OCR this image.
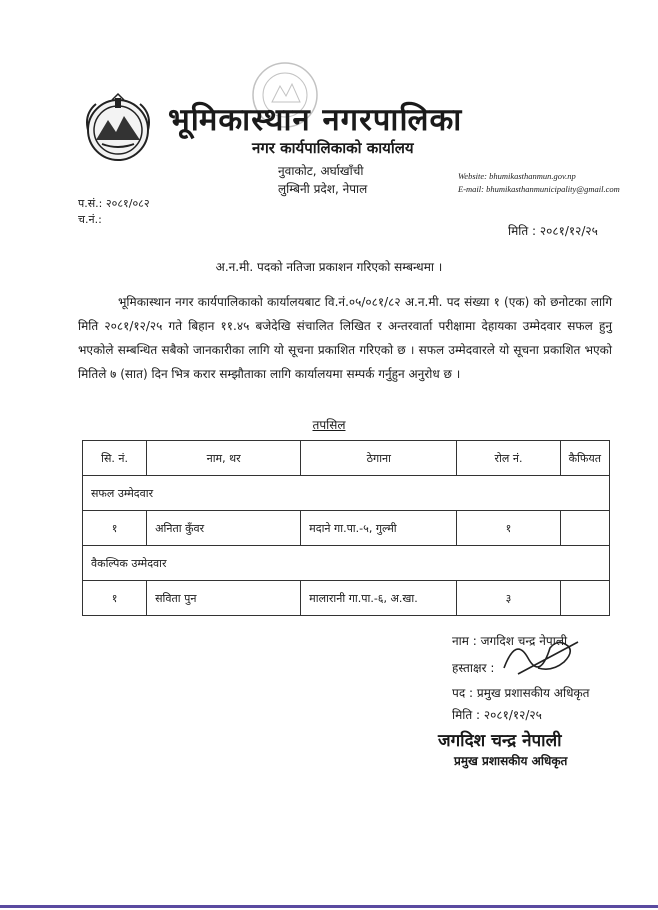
भूमिकास्थान नगरपालिका
नगर कार्यपालिकाको कार्यालय
नुवाकोट, अर्घाखाँची
लुम्बिनी प्रदेश, नेपाल
Website: bhumikasthanmun.gov.np
E-mail: bhumikasthanmunicipality@gmail.com
प.सं.: २०८१/०८२
च.नं.:
मिति : २०८१/१२/२५
अ.न.मी. पदको नतिजा प्रकाशन गरिएको सम्बन्धमा ।
भूमिकास्थान नगर कार्यपालिकाको कार्यालयबाट वि.नं.०५/०८१/८२ अ.न.मी. पद संख्या १ (एक) को छनोटका लागि मिति २०८१/१२/२५ गते बिहान ११.४५ बजेदेखि संचालित लिखित र अन्तरवार्ता परीक्षामा देहायका उम्मेदवार सफल हुनु भएकोले सम्बन्धित सबैको जानकारीका लागि यो सूचना प्रकाशित गरिएको छ । सफल उम्मेदवारले यो सूचना प्रकाशित भएको मितिले ७ (सात) दिन भित्र करार सम्झौताका लागि कार्यालयमा सम्पर्क गर्नुहुन अनुरोध छ ।
तपसिल
सि. नं.	नाम, थर	ठेगाना	रोल नं.	कैफियत
सफल उम्मेदवार				
१	अनिता कुँवर	मदाने गा.पा.-५, गुल्मी	१	
वैकल्पिक उम्मेदवार				
१	सविता पुन	मालारानी गा.पा.-६, अ.खा.	३	
नाम : जगदिश चन्द्र नेपाली
हस्ताक्षर :
पद : प्रमुख प्रशासकीय अधिकृत
मिति : २०८१/१२/२५
जगदिश चन्द्र नेपाली
प्रमुख प्रशासकीय अधिकृत
